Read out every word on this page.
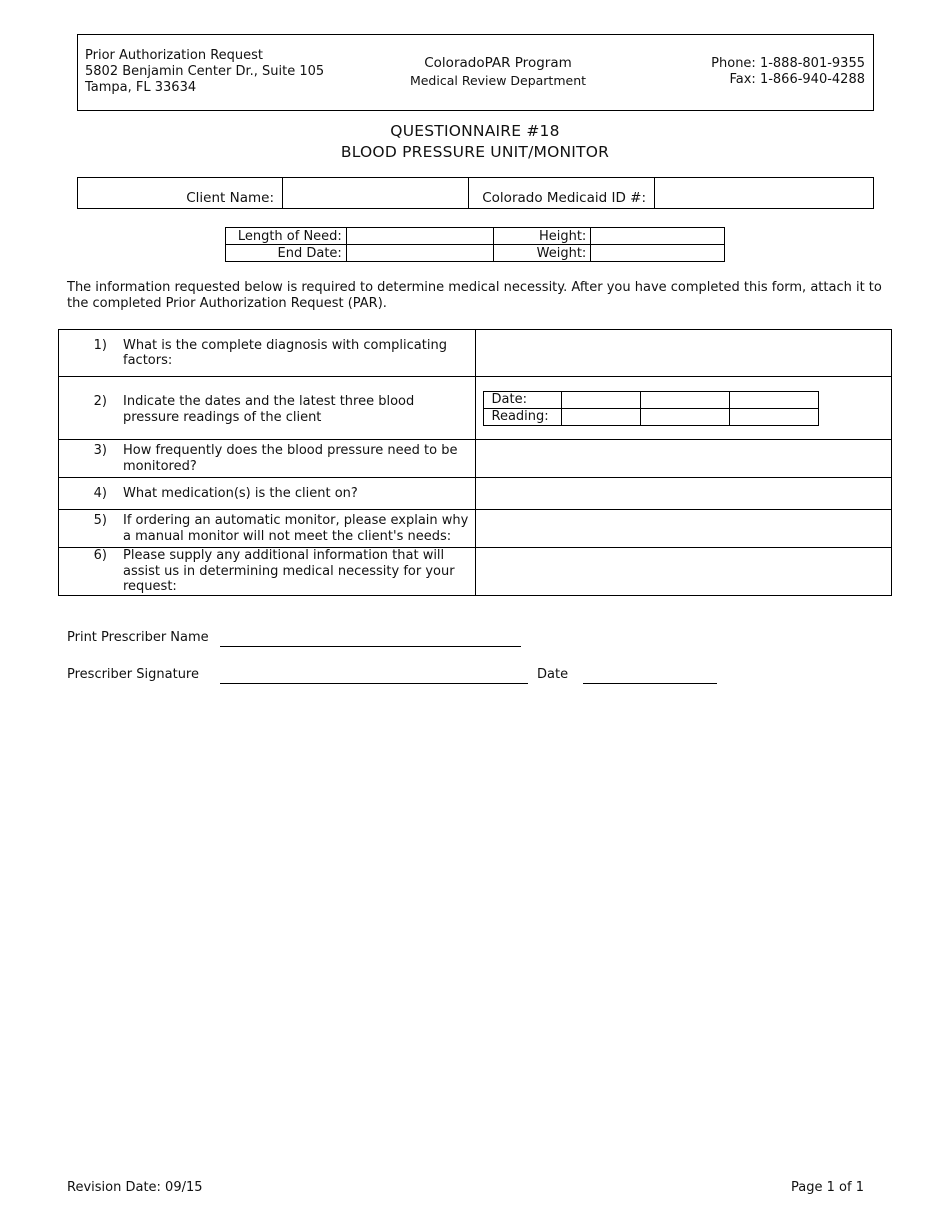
Prior Authorization Request
5802 Benjamin Center Dr., Suite 105
Tampa, FL 33634
ColoradoPAR Program
Medical Review Department
Phone: 1-888-801-9355
Fax: 1-866-940-4288
QUESTIONNAIRE #18
BLOOD PRESSURE UNIT/MONITOR
Client Name:	Colorado Medicaid ID #:
Length of Need:		Height:	
End Date:		Weight:	
The information requested below is required to determine medical necessity. After you have completed this form, attach it to the completed Prior Authorization Request (PAR).
1)	What is the complete diagnosis with complicating factors:

2)	Indicate the dates and the latest three blood pressure readings of the client

Date:			
Reading:			

3)	How frequently does the blood pressure need to be monitored?

4)	What medication(s) is the client on?

5)	If ordering an automatic monitor, please explain why a manual monitor will not meet the client's needs:

6)	Please supply any additional information that will assist us in determining medical necessity for your request:

Print Prescriber Name
Prescriber Signature	Date
Revision Date: 09/15	Page 1 of 1
